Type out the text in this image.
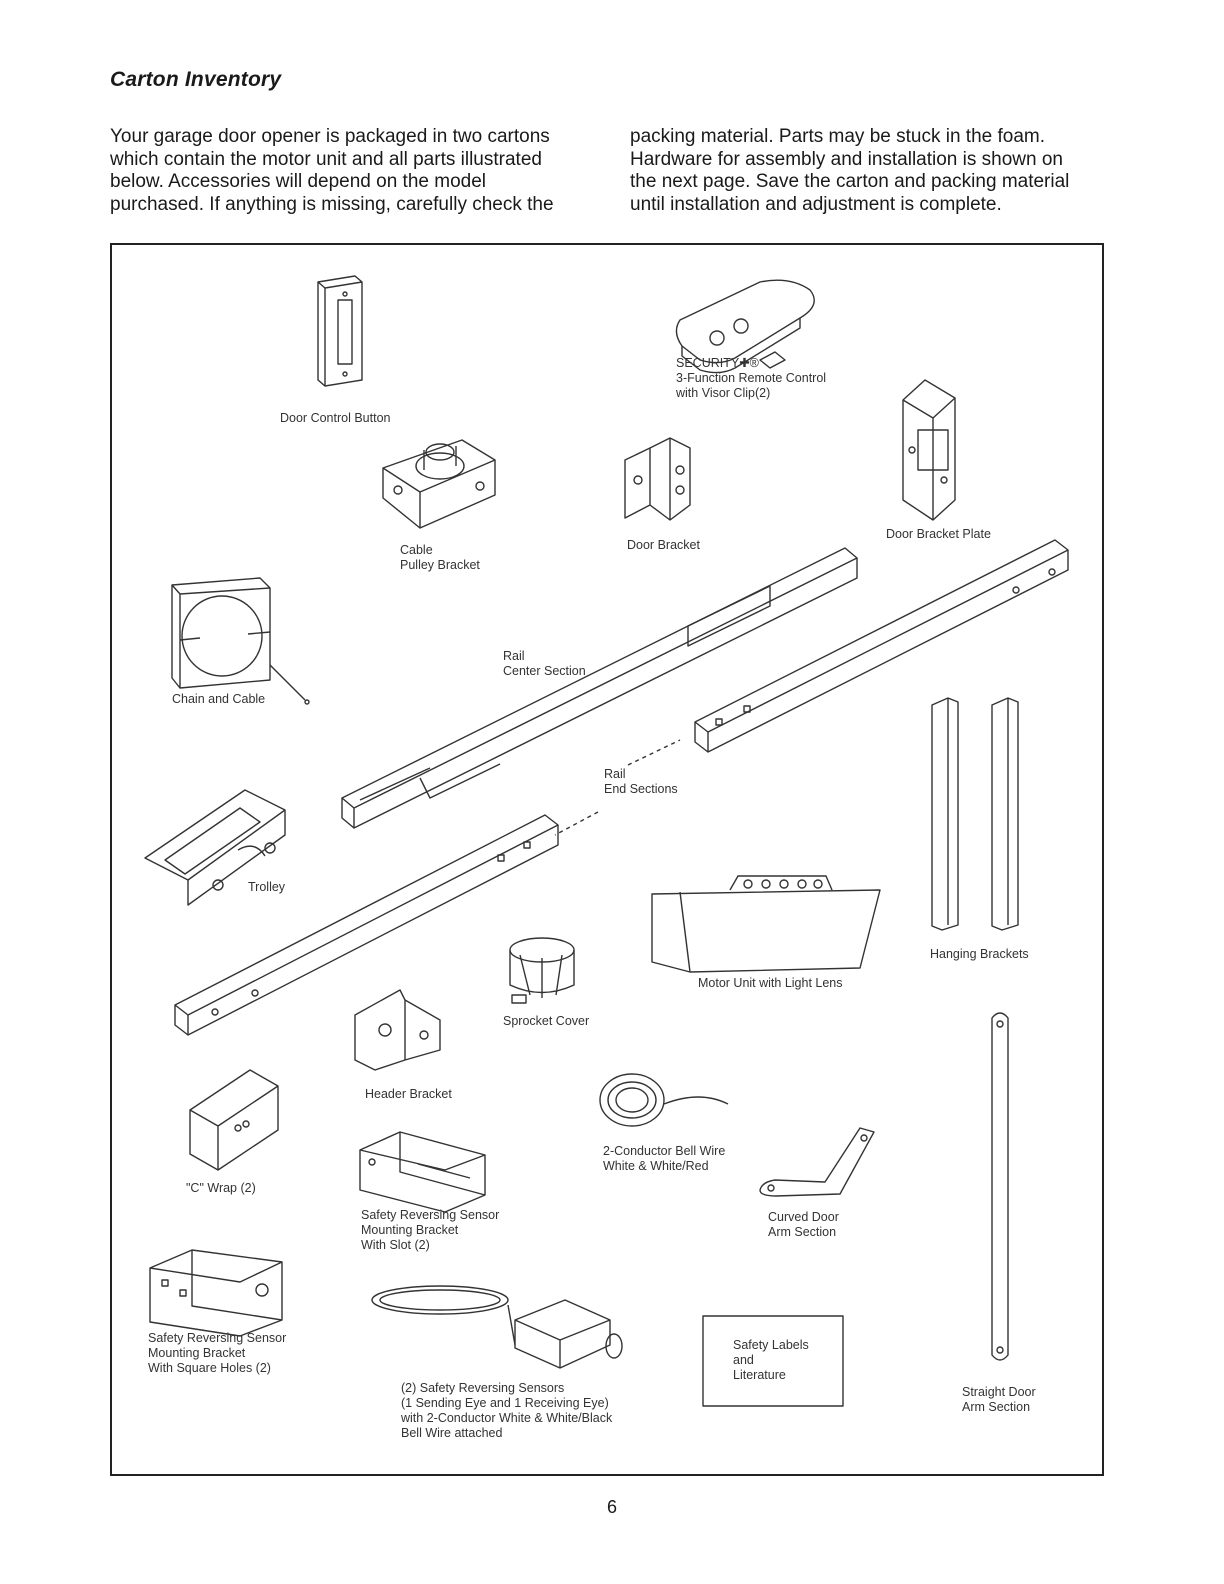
Carton Inventory
Your garage door opener is packaged in two cartons
which contain the motor unit and all parts illustrated
below. Accessories will depend on the model
purchased. If anything is missing, carefully check the
packing material. Parts may be stuck in the foam.
Hardware for assembly and installation is shown on
the next page. Save the carton and packing material
until installation and adjustment is complete.
Door Control Button
SECURITY✚®
3-Function Remote Control
with Visor Clip(2)
Cable
Pulley Bracket
Door Bracket
Door Bracket Plate
Chain and Cable
Rail
Center Section
Rail
End Sections
Trolley
Hanging Brackets
Motor Unit with Light Lens
Sprocket Cover
Header Bracket
"C" Wrap (2)
2-Conductor Bell Wire
White & White/Red
Safety Reversing Sensor
Mounting Bracket
With Slot (2)
Curved Door
Arm Section
Safety Reversing Sensor
Mounting Bracket
With Square Holes (2)
Safety Labels
and
Literature
(2) Safety Reversing Sensors
(1 Sending Eye and 1 Receiving Eye)
with 2-Conductor White & White/Black
Bell Wire attached
Straight Door
Arm Section
6
